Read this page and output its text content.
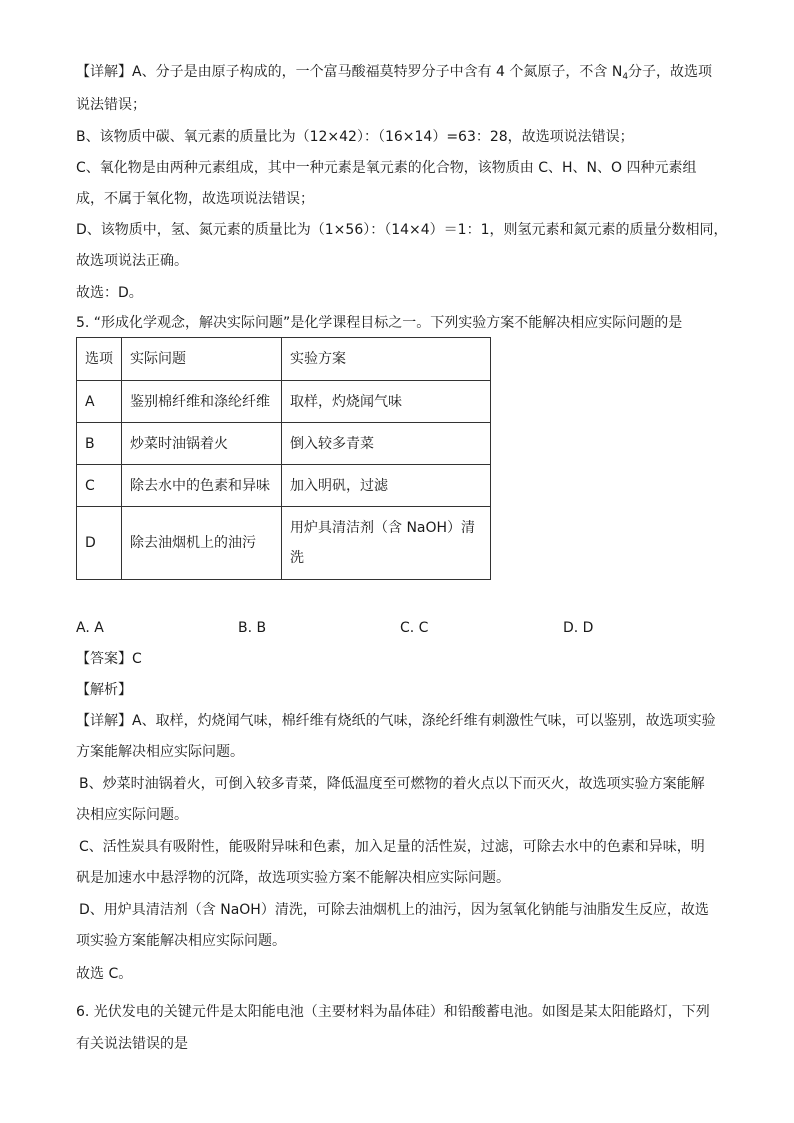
【详解】A、分子是由原子构成的，一个富马酸福莫特罗分子中含有 4 个氮原子，不含 $N_4$分子，故选项
说法错误；
B、该物质中碳、氧元素的质量比为（12×42）：（16×14）=63：28，故选项说法错误；
C、氧化物是由两种元素组成，其中一种元素是氧元素的化合物，该物质由 C、H、N、O 四种元素组
成，不属于氧化物，故选项说法错误；
D、该物质中，氢、氮元素的质量比为（1×56）：（14×4）＝1：1，则氢元素和氮元素的质量分数相同，
故选项说法正确。
故选：D。
5. “形成化学观念，解决实际问题”是化学课程目标之一。下列实验方案不能解决相应实际问题的是
选项	实际问题	实验方案
A	鉴别棉纤维和涤纶纤维	取样，灼烧闻气味
B	炒菜时油锅着火	倒入较多青菜
C	除去水中的色素和异味	加入明矾，过滤
D	除去油烟机上的油污	用炉具清洁剂（含 NaOH）清洗
A. A	B. B	C. C	D. D
【答案】C
【解析】
【详解】A、取样，灼烧闻气味，棉纤维有烧纸的气味，涤纶纤维有刺激性气味，可以鉴别，故选项实验
方案能解决相应实际问题。
B、炒菜时油锅着火，可倒入较多青菜，降低温度至可燃物的着火点以下而灭火，故选项实验方案能解
决相应实际问题。
C、活性炭具有吸附性，能吸附异味和色素，加入足量的活性炭，过滤，可除去水中的色素和异味，明
矾是加速水中悬浮物的沉降，故选项实验方案不能解决相应实际问题。
D、用炉具清洁剂（含 NaOH）清洗，可除去油烟机上的油污，因为氢氧化钠能与油脂发生反应，故选
项实验方案能解决相应实际问题。
故选 C。
6. 光伏发电的关键元件是太阳能电池（主要材料为晶体硅）和铅酸蓄电池。如图是某太阳能路灯，下列
有关说法错误的是
